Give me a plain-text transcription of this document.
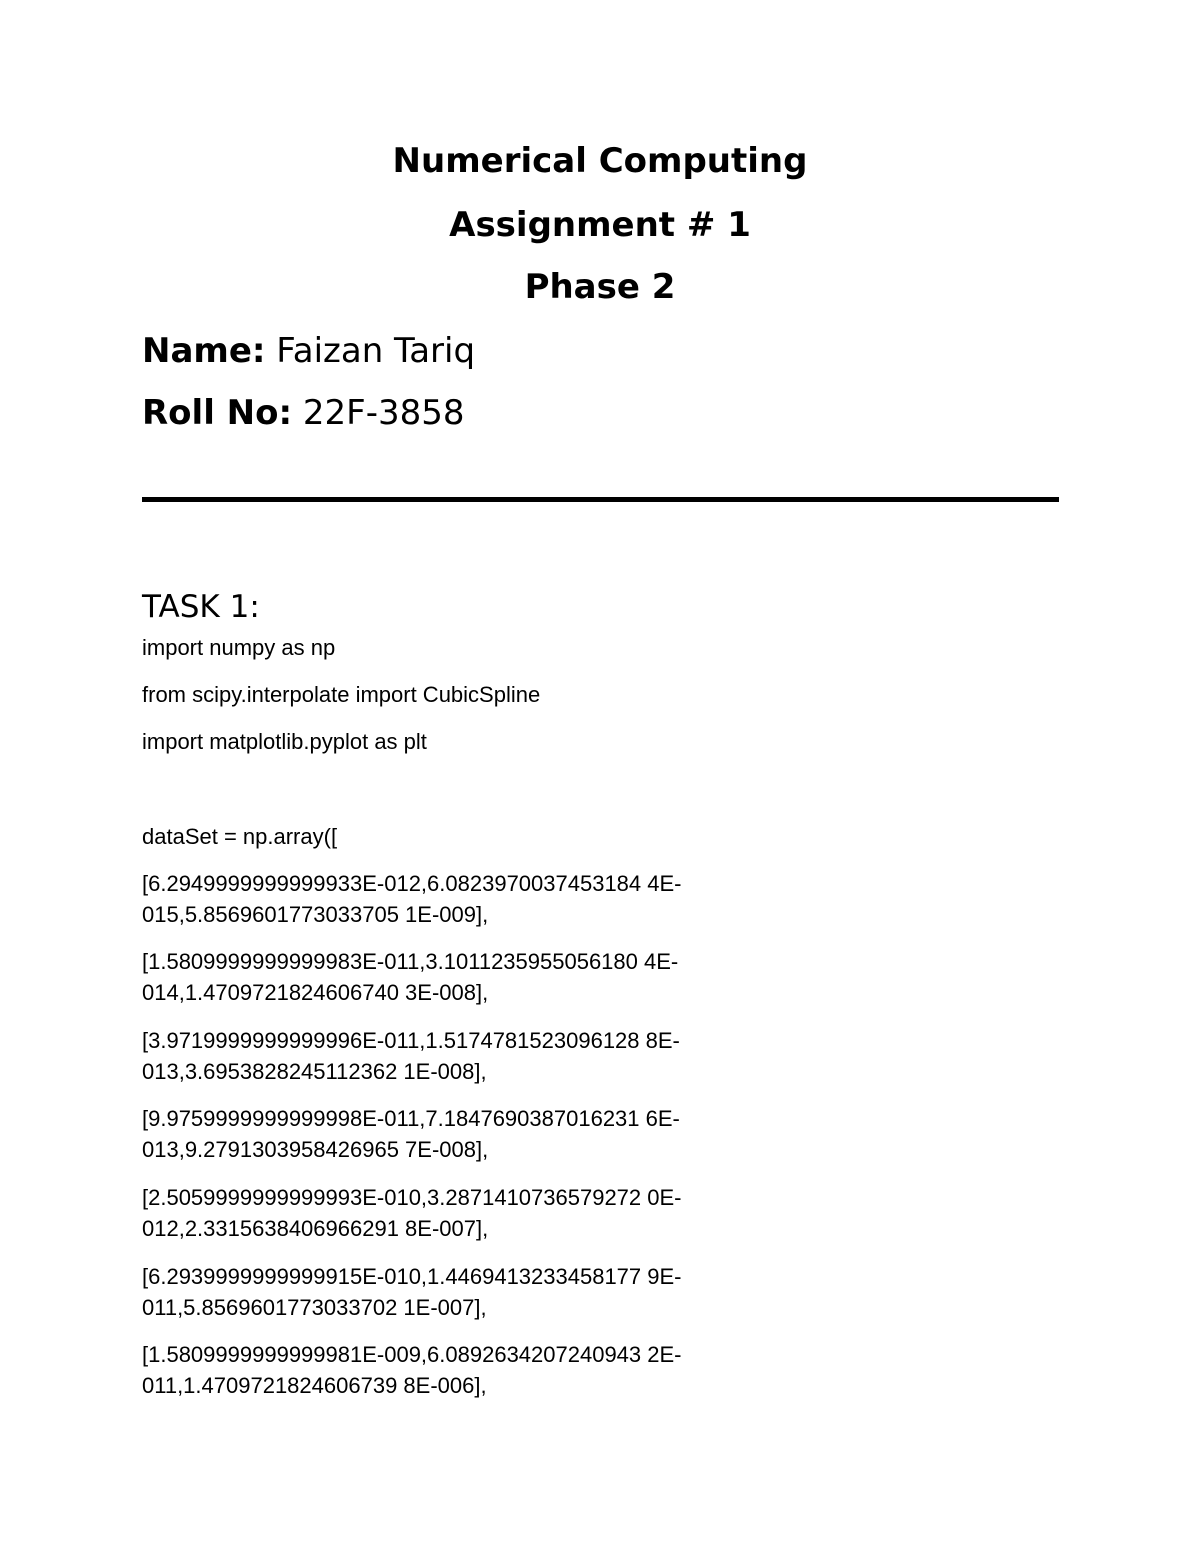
Numerical Computing
Assignment # 1
Phase 2

Name: Faizan Tariq

Roll No: 22F-3858

TASK 1:

import numpy as np

from scipy.interpolate import CubicSpline

import matplotlib.pyplot as plt

dataSet = np.array([

[6.2949999999999933E-012,6.0823970037453184 4E-
015,5.8569601773033705 1E-009],
[1.5809999999999983E-011,3.1011235955056180 4E-
014,1.4709721824606740 3E-008],
[3.9719999999999996E-011,1.5174781523096128 8E-
013,3.6953828245112362 1E-008],
[9.9759999999999998E-011,7.1847690387016231 6E-
013,9.2791303958426965 7E-008],
[2.5059999999999993E-010,3.2871410736579272 0E-
012,2.3315638406966291 8E-007],
[6.2939999999999915E-010,1.4469413233458177 9E-
011,5.8569601773033702 1E-007],
[1.5809999999999981E-009,6.0892634207240943 2E-
011,1.4709721824606739 8E-006],
